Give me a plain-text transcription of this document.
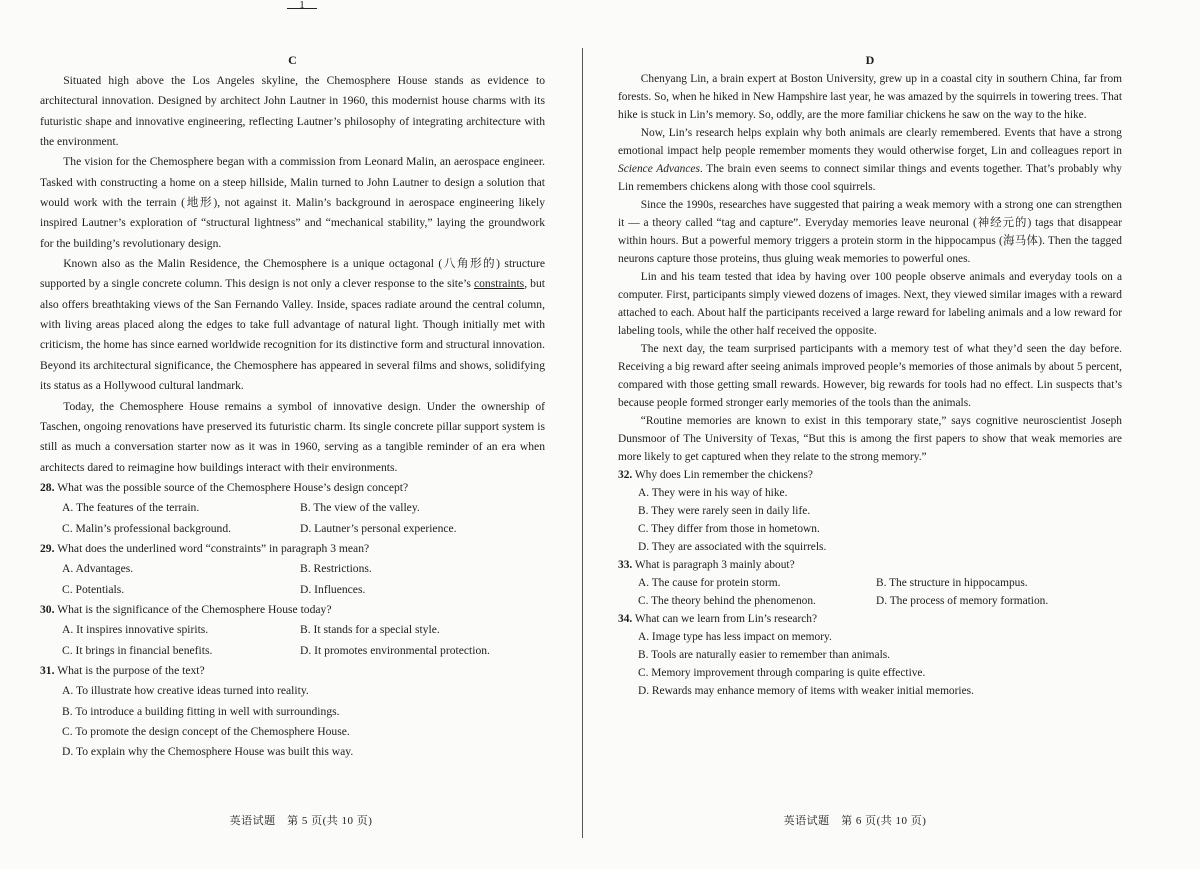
1
C

Situated high above the Los Angeles skyline, the Chemosphere House stands as evidence to architectural innovation. Designed by architect John Lautner in 1960, this modernist house charms with its futuristic shape and innovative engineering, reflecting Lautner’s philosophy of integrating architecture with the environment.

The vision for the Chemosphere began with a commission from Leonard Malin, an aerospace engineer. Tasked with constructing a home on a steep hillside, Malin turned to John Lautner to design a solution that would work with the terrain (地形), not against it. Malin’s background in aerospace engineering likely inspired Lautner’s exploration of “structural lightness” and “mechanical stability,” laying the groundwork for the building’s revolutionary design.

Known also as the Malin Residence, the Chemosphere is a unique octagonal (八角形的) structure supported by a single concrete column. This design is not only a clever response to the site’s constraints, but also offers breathtaking views of the San Fernando Valley. Inside, spaces radiate around the central column, with living areas placed along the edges to take full advantage of natural light. Though initially met with criticism, the home has since earned worldwide recognition for its distinctive form and structural innovation. Beyond its architectural significance, the Chemosphere has appeared in several films and shows, solidifying its status as a Hollywood cultural landmark.

Today, the Chemosphere House remains a symbol of innovative design. Under the ownership of Taschen, ongoing renovations have preserved its futuristic charm. Its single concrete pillar support system is still as much a conversation starter now as it was in 1960, serving as a tangible reminder of an era when architects dared to reimagine how buildings interact with their environments.

28. What was the possible source of the Chemosphere House’s design concept?
A. The features of the terrain.	B. The view of the valley.
C. Malin’s professional background.	D. Lautner’s personal experience.
29. What does the underlined word “constraints” in paragraph 3 mean?
A. Advantages.	B. Restrictions.
C. Potentials.	D. Influences.
30. What is the significance of the Chemosphere House today?
A. It inspires innovative spirits.	B. It stands for a special style.
C. It brings in financial benefits.	D. It promotes environmental protection.
31. What is the purpose of the text?
A. To illustrate how creative ideas turned into reality.
B. To introduce a building fitting in well with surroundings.
C. To promote the design concept of the Chemosphere House.
D. To explain why the Chemosphere House was built this way.
D

Chenyang Lin, a brain expert at Boston University, grew up in a coastal city in southern China, far from forests. So, when he hiked in New Hampshire last year, he was amazed by the squirrels in towering trees. That hike is stuck in Lin’s memory. So, oddly, are the more familiar chickens he saw on the way to the hike.

Now, Lin’s research helps explain why both animals are clearly remembered. Events that have a strong emotional impact help people remember moments they would otherwise forget, Lin and colleagues report in Science Advances. The brain even seems to connect similar things and events together. That’s probably why Lin remembers chickens along with those cool squirrels.

Since the 1990s, researches have suggested that pairing a weak memory with a strong one can strengthen it — a theory called “tag and capture”. Everyday memories leave neuronal (神经元的) tags that disappear within hours. But a powerful memory triggers a protein storm in the hippocampus (海马体). Then the tagged neurons capture those proteins, thus gluing weak memories to powerful ones.

Lin and his team tested that idea by having over 100 people observe animals and everyday tools on a computer. First, participants simply viewed dozens of images. Next, they viewed similar images with a reward attached to each. About half the participants received a large reward for labeling animals and a low reward for labeling tools, while the other half received the opposite.

The next day, the team surprised participants with a memory test of what they’d seen the day before. Receiving a big reward after seeing animals improved people’s memories of those animals by about 5 percent, compared with those getting small rewards. However, big rewards for tools had no effect. Lin suspects that’s because people formed stronger early memories of the tools than the animals.

“Routine memories are known to exist in this temporary state,” says cognitive neuroscientist Joseph Dunsmoor of The University of Texas, “But this is among the first papers to show that weak memories are more likely to get captured when they relate to the strong memory.”

32. Why does Lin remember the chickens?
A. They were in his way of hike.
B. They were rarely seen in daily life.
C. They differ from those in hometown.
D. They are associated with the squirrels.
33. What is paragraph 3 mainly about?
A. The cause for protein storm.	B. The structure in hippocampus.
C. The theory behind the phenomenon.	D. The process of memory formation.
34. What can we learn from Lin’s research?
A. Image type has less impact on memory.
B. Tools are naturally easier to remember than animals.
C. Memory improvement through comparing is quite effective.
D. Rewards may enhance memory of items with weaker initial memories.
英语试题　第 5 页(共 10 页)	英语试题　第 6 页(共 10 页)
